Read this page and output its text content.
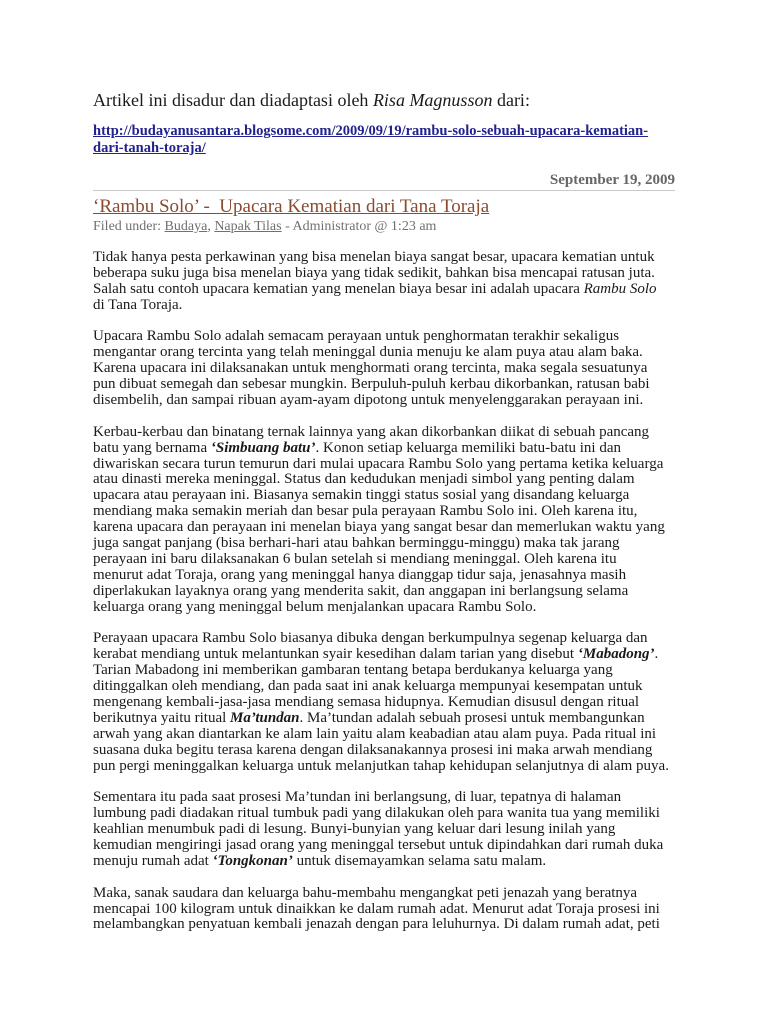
Artikel ini disadur dan diadaptasi oleh Risa Magnusson dari:
http://budayanusantara.blogsome.com/2009/09/19/rambu-solo-sebuah-upacara-kematian-
dari-tanah-toraja/
September 19, 2009
‘Rambu Solo’ -  Upacara Kematian dari Tana Toraja
Filed under: Budaya, Napak Tilas - Administrator @ 1:23 am

Tidak hanya pesta perkawinan yang bisa menelan biaya sangat besar, upacara kematian untuk
beberapa suku juga bisa menelan biaya yang tidak sedikit, bahkan bisa mencapai ratusan juta.
Salah satu contoh upacara kematian yang menelan biaya besar ini adalah upacara Rambu Solo
di Tana Toraja.

Upacara Rambu Solo adalah semacam perayaan untuk penghormatan terakhir sekaligus
mengantar orang tercinta yang telah meninggal dunia menuju ke alam puya atau alam baka.
Karena upacara ini dilaksanakan untuk menghormati orang tercinta, maka segala sesuatunya
pun dibuat semegah dan sebesar mungkin. Berpuluh-puluh kerbau dikorbankan, ratusan babi
disembelih, dan sampai ribuan ayam-ayam dipotong untuk menyelenggarakan perayaan ini.

Kerbau-kerbau dan binatang ternak lainnya yang akan dikorbankan diikat di sebuah pancang
batu yang bernama ‘Simbuang batu’. Konon setiap keluarga memiliki batu-batu ini dan
diwariskan secara turun temurun dari mulai upacara Rambu Solo yang pertama ketika keluarga
atau dinasti mereka meninggal. Status dan kedudukan menjadi simbol yang penting dalam
upacara atau perayaan ini. Biasanya semakin tinggi status sosial yang disandang keluarga
mendiang maka semakin meriah dan besar pula perayaan Rambu Solo ini. Oleh karena itu,
karena upacara dan perayaan ini menelan biaya yang sangat besar dan memerlukan waktu yang
juga sangat panjang (bisa berhari-hari atau bahkan berminggu-minggu) maka tak jarang
perayaan ini baru dilaksanakan 6 bulan setelah si mendiang meninggal. Oleh karena itu
menurut adat Toraja, orang yang meninggal hanya dianggap tidur saja, jenasahnya masih
diperlakukan layaknya orang yang menderita sakit, dan anggapan ini berlangsung selama
keluarga orang yang meninggal belum menjalankan upacara Rambu Solo.

Perayaan upacara Rambu Solo biasanya dibuka dengan berkumpulnya segenap keluarga dan
kerabat mendiang untuk melantunkan syair kesedihan dalam tarian yang disebut ‘Mabadong’.
Tarian Mabadong ini memberikan gambaran tentang betapa berdukanya keluarga yang
ditinggalkan oleh mendiang, dan pada saat ini anak keluarga mempunyai kesempatan untuk
mengenang kembali-jasa-jasa mendiang semasa hidupnya. Kemudian disusul dengan ritual
berikutnya yaitu ritual Ma’tundan. Ma’tundan adalah sebuah prosesi untuk membangunkan
arwah yang akan diantarkan ke alam lain yaitu alam keabadian atau alam puya. Pada ritual ini
suasana duka begitu terasa karena dengan dilaksanakannya prosesi ini maka arwah mendiang
pun pergi meninggalkan keluarga untuk melanjutkan tahap kehidupan selanjutnya di alam puya.

Sementara itu pada saat prosesi Ma’tundan ini berlangsung, di luar, tepatnya di halaman
lumbung padi diadakan ritual tumbuk padi yang dilakukan oleh para wanita tua yang memiliki
keahlian menumbuk padi di lesung. Bunyi-bunyian yang keluar dari lesung inilah yang
kemudian mengiringi jasad orang yang meninggal tersebut untuk dipindahkan dari rumah duka
menuju rumah adat ‘Tongkonan’ untuk disemayamkan selama satu malam.

Maka, sanak saudara dan keluarga bahu-membahu mengangkat peti jenazah yang beratnya
mencapai 100 kilogram untuk dinaikkan ke dalam rumah adat. Menurut adat Toraja prosesi ini
melambangkan penyatuan kembali jenazah dengan para leluhurnya. Di dalam rumah adat, peti
